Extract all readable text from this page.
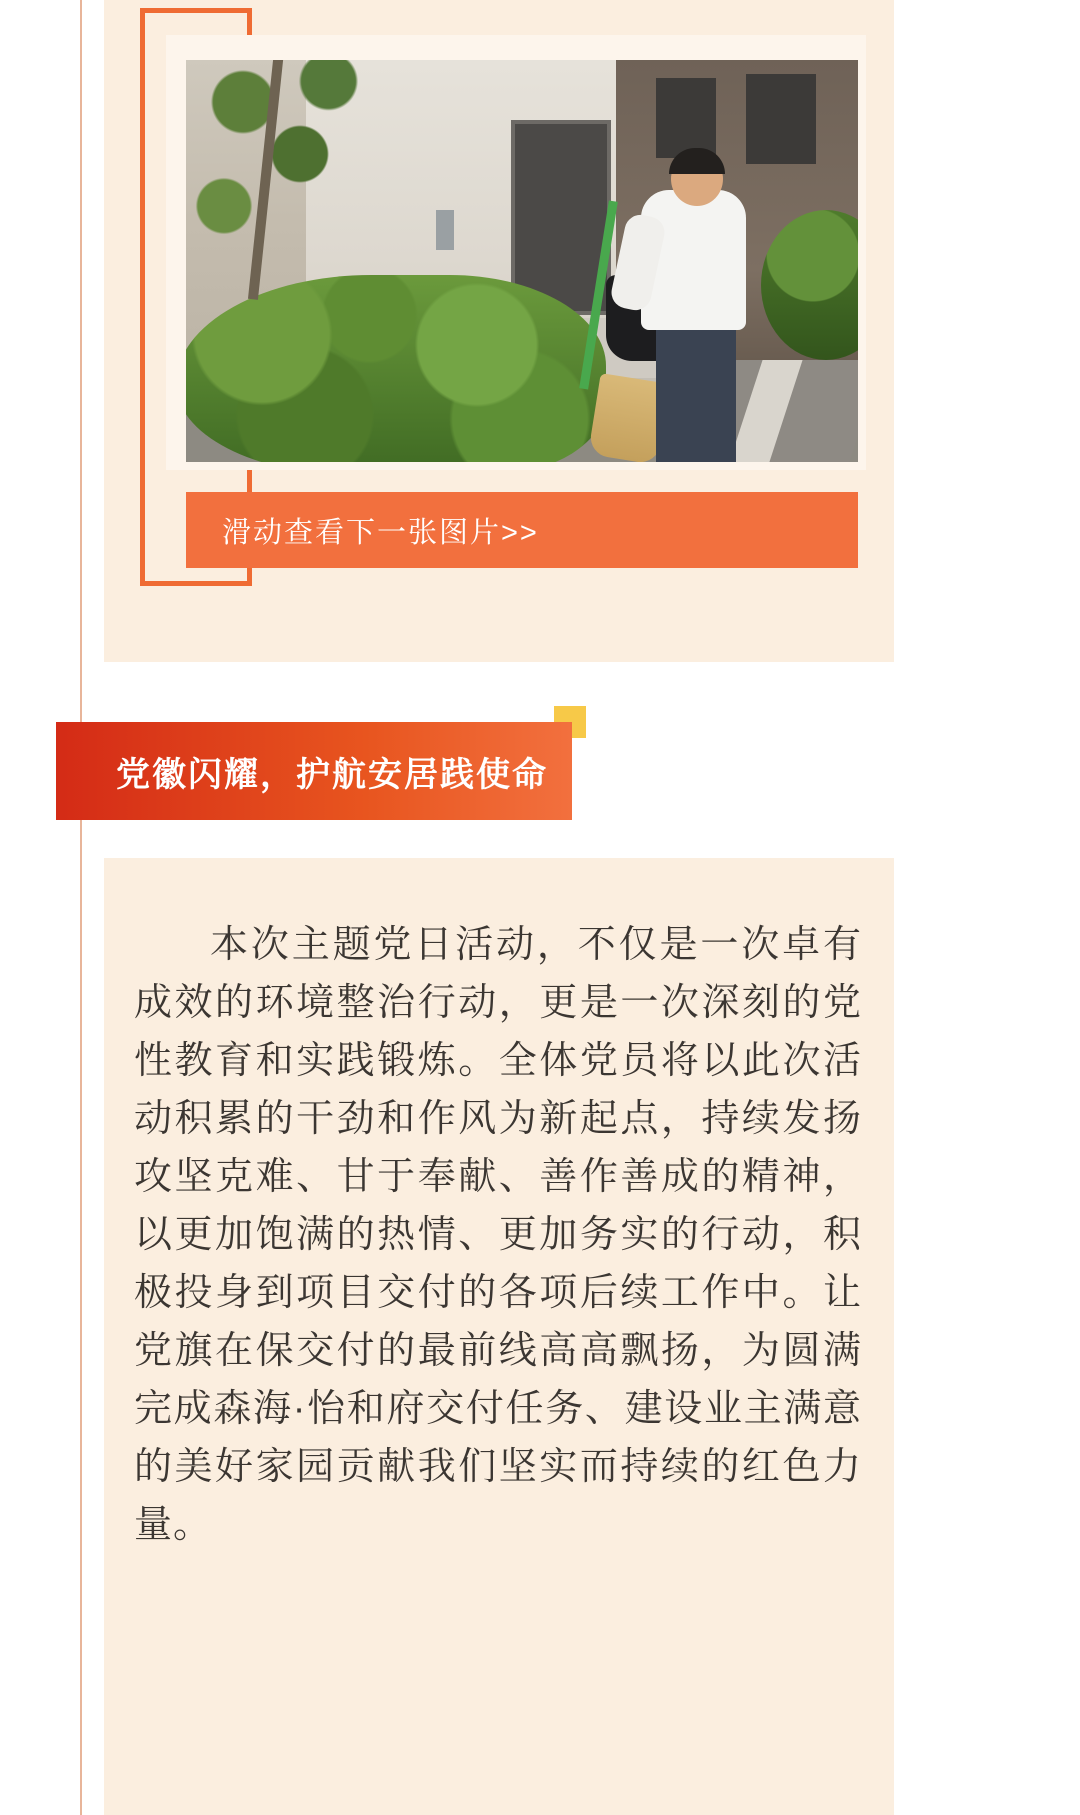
滑动查看下一张图片>>
党徽闪耀，护航安居践使命
本次主题党日活动，不仅是一次卓有成效的环境整治行动，更是一次深刻的党性教育和实践锻炼。全体党员将以此次活动积累的干劲和作风为新起点，持续发扬攻坚克难、甘于奉献、善作善成的精神，以更加饱满的热情、更加务实的行动，积极投身到项目交付的各项后续工作中。让党旗在保交付的最前线高高飘扬，为圆满完成森海·怡和府交付任务、建设业主满意的美好家园贡献我们坚实而持续的红色力量。
